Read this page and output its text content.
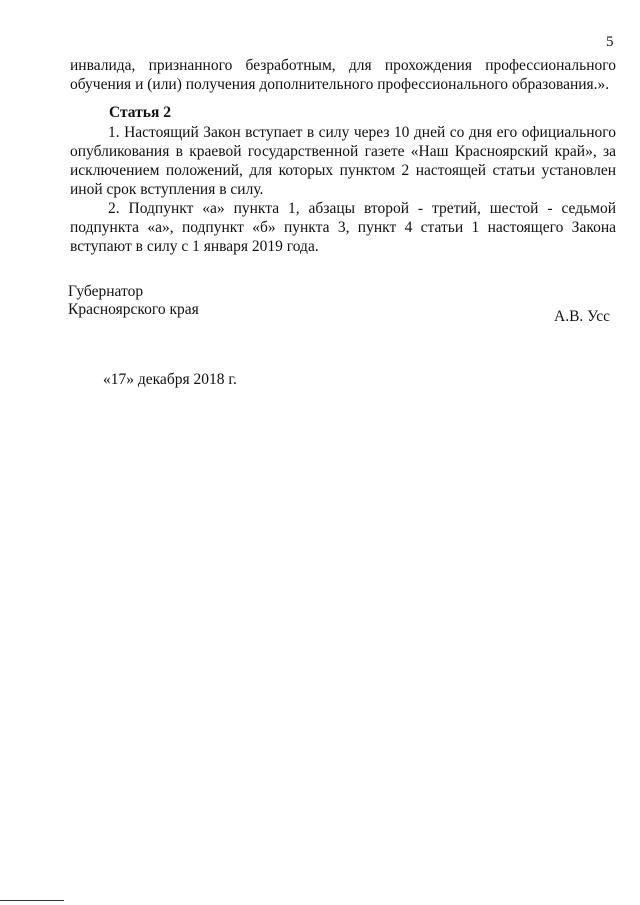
5
инвалида, признанного безработным, для прохождения профессионального обучения и (или) получения дополнительного профессионального образования.».
Статья 2
1. Настоящий Закон вступает в силу через 10 дней со дня его официального опубликования в краевой государственной газете «Наш Красноярский край», за исключением положений, для которых пунктом 2 настоящей статьи установлен иной срок вступления в силу.
2. Подпункт «а» пункта 1, абзацы второй - третий, шестой - седьмой подпункта «а», подпункт «б» пункта 3, пункт 4 статьи 1 настоящего Закона вступают в силу с 1 января 2019 года.
Губернатор
Красноярского края	А.В. Усс
«17» декабря 2018 г.
